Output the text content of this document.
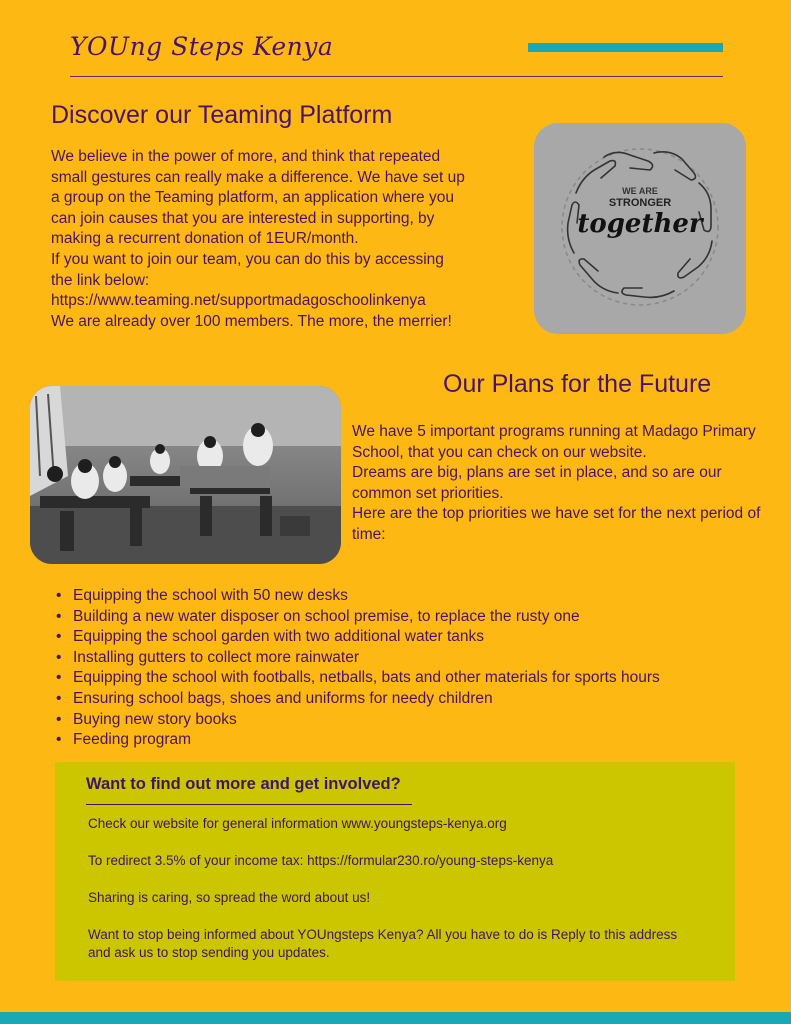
YOUng Steps Kenya
Discover our Teaming Platform
We believe in the power of more, and think that repeated
small gestures can really make a difference. We have set up
a group on the Teaming platform, an application where you
can join causes that you are interested in supporting, by
making a recurrent donation of 1EUR/month.
If you want to join our team, you can do this by accessing
the link below:
https://www.teaming.net/supportmadagoschoolinkenya
We are already over 100 members. The more, the merrier!
WE ARE
STRONGER
together
Our Plans for the Future
We have 5 important programs running at Madago Primary
School, that you can check on our website.
Dreams are big, plans are set in place, and so are our
common set priorities.
Here are the top priorities we have set for the next period of
time:
• Equipping the school with 50 new desks
• Building a new water disposer on school premise, to replace the rusty one
• Equipping the school garden with two additional water tanks
• Installing gutters to collect more rainwater
• Equipping the school with footballs, netballs, bats and other materials for sports hours
• Ensuring school bags, shoes and uniforms for needy children
• Buying new story books
• Feeding program
Want to find out more and get involved?

Check our website for general information www.youngsteps-kenya.org

To redirect 3.5% of your income tax: https://formular230.ro/young-steps-kenya

Sharing is caring, so spread the word about us!

Want to stop being informed about YOUngsteps Kenya? All you have to do is Reply to this address

and ask us to stop sending you updates.
